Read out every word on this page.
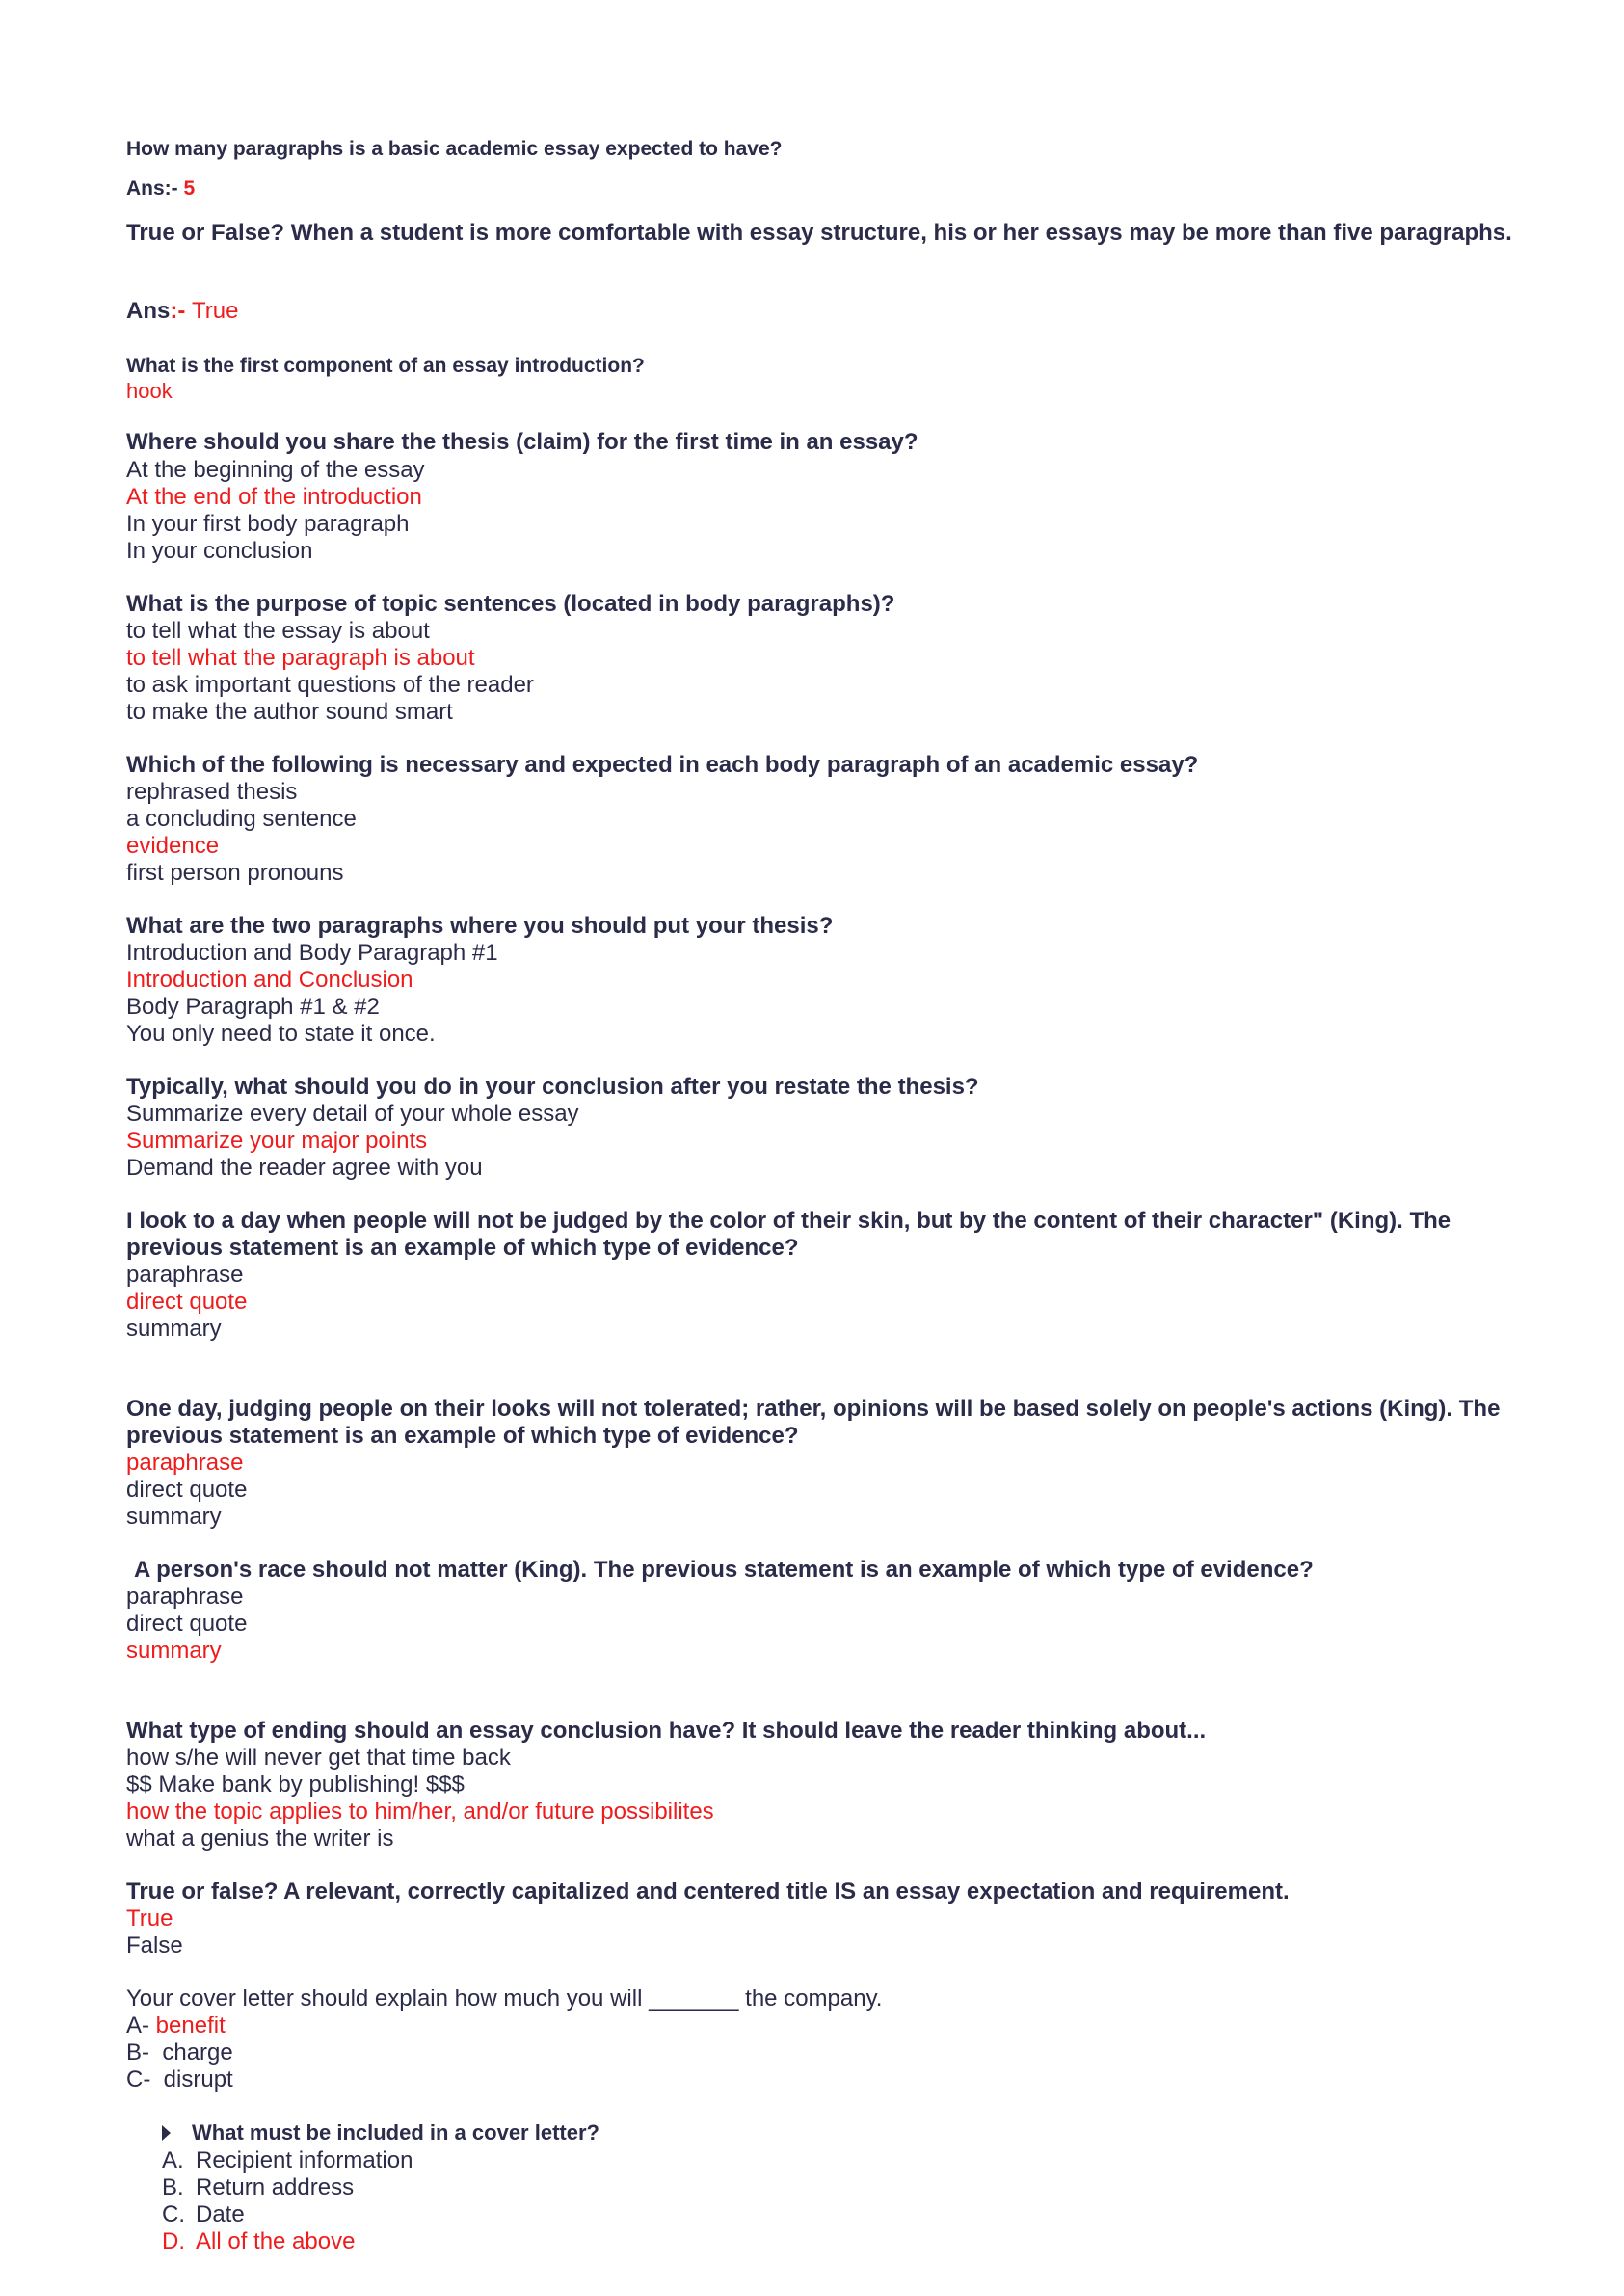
How many paragraphs is a basic academic essay expected to have?
Ans:- 5
True or False? When a student is more comfortable with essay structure, his or her essays may be more than five paragraphs.
Ans:- True
What is the first component of an essay introduction?
hook
Where should you share the thesis (claim) for the first time in an essay?
At the beginning of the essay
At the end of the introduction
In your first body paragraph
In your conclusion
What is the purpose of topic sentences (located in body paragraphs)?
to tell what the essay is about
to tell what the paragraph is about
to ask important questions of the reader
to make the author sound smart
Which of the following is necessary and expected in each body paragraph of an academic essay?
rephrased thesis
a concluding sentence
evidence
first person pronouns
What are the two paragraphs where you should put your thesis?
Introduction and Body Paragraph #1
Introduction and Conclusion
Body Paragraph #1 & #2
You only need to state it once.
Typically, what should you do in your conclusion after you restate the thesis?
Summarize every detail of your whole essay
Summarize your major points
Demand the reader agree with you
I look to a day when people will not be judged by the color of their skin, but by the content of their character" (King). The previous statement is an example of which type of evidence?
paraphrase
direct quote
summary
One day, judging people on their looks will not tolerated; rather, opinions will be based solely on people's actions (King). The previous statement is an example of which type of evidence?
paraphrase
direct quote
summary
A person's race should not matter (King). The previous statement is an example of which type of evidence?
paraphrase
direct quote
summary
What type of ending should an essay conclusion have? It should leave the reader thinking about...
how s/he will never get that time back
$$ Make bank by publishing! $$$
how the topic applies to him/her, and/or future possibilites
what a genius the writer is
True or false? A relevant, correctly capitalized and centered title IS an essay expectation and requirement.
True
False
Your cover letter should explain how much you will _______ the company.
A- benefit
B- charge
C- disrupt
What must be included in a cover letter?
A. Recipient information
B. Return address
C. Date
D. All of the above
